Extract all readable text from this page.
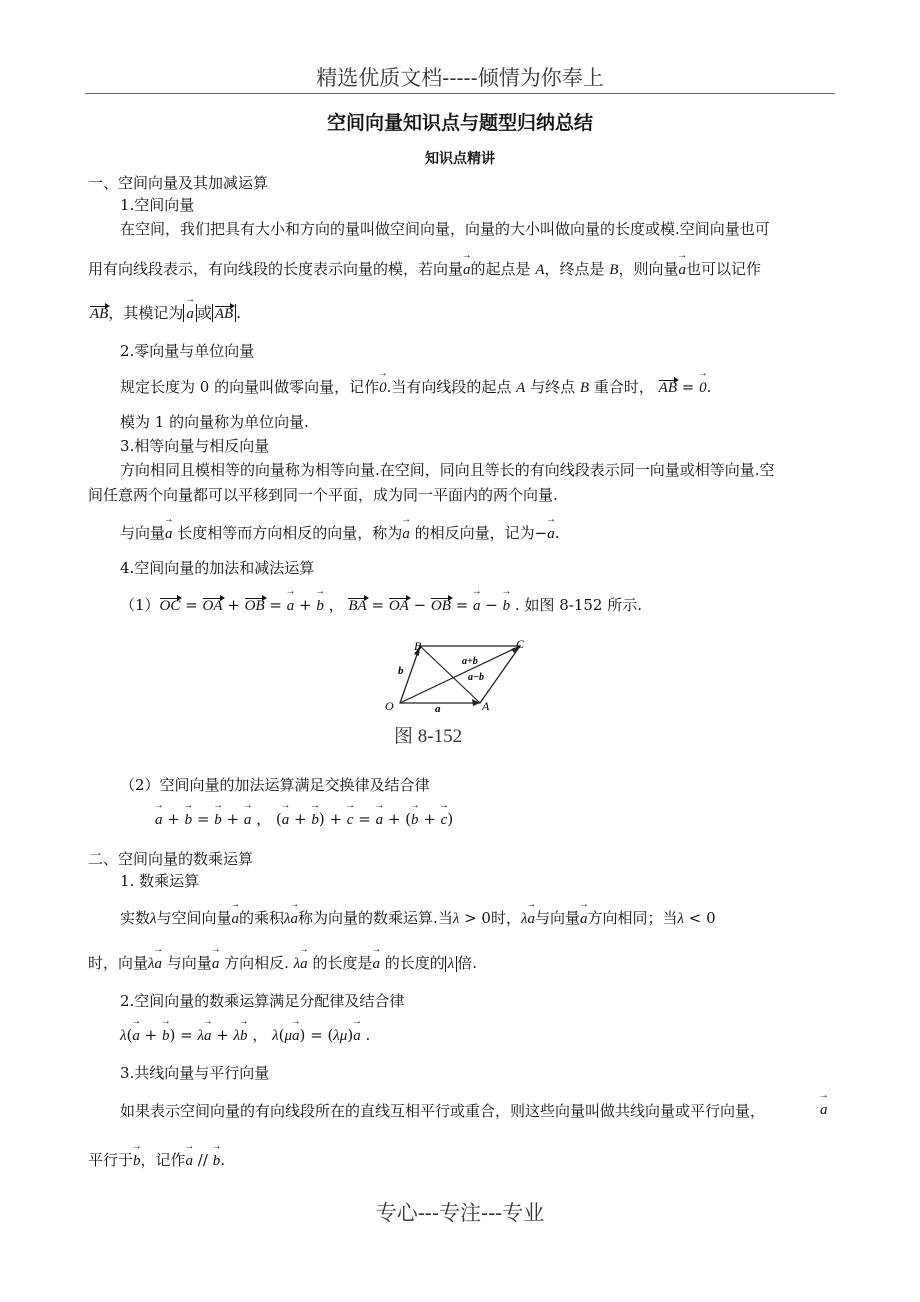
精选优质文档-----倾情为你奉上
空间向量知识点与题型归纳总结
知识点精讲
一、空间向量及其加减运算
1.空间向量
在空间，我们把具有大小和方向的量叫做空间向量，向量的大小叫做向量的长度或模.空间向量也可
用有向线段表示，有向线段的长度表示向量的模，若向量→ a的起点是 A，终点是 B，则向量→ a也可以记作
AB，其模记为 → a 或 AB .
2.零向量与单位向量
规定长度为 0 的向量叫做零向量，记作→ 0.当有向线段的起点 A 与终点 B 重合时， AB = → 0.
模为 1 的向量称为单位向量.
3.相等向量与相反向量
方向相同且模相等的向量称为相等向量.在空间，同向且等长的有向线段表示同一向量或相等向量.空
间任意两个向量都可以平移到同一个平面，成为同一平面内的两个向量.
与向量→ a 长度相等而方向相反的向量，称为→ a 的相反向量，记为−→ a.
4.空间向量的加法和减法运算
（1）OC = OA + OB = → a + → b ， BA = OA − OB = → a − → b . 如图 8-152 所示.
B	C
O	A
b
a
a+b
a−b
图 8-152
（2）空间向量的加法运算满足交换律及结合律
→ a + → b = → b + → a ， (→ a + → b) + → c = → a + (→ b + → c)
二、空间向量的数乘运算
1. 数乘运算
实数λ与空间向量→ a的乘积λ→ a称为向量的数乘运算.当λ > 0时，λ→ a与向量→ a方向相同；当λ < 0
时，向量λ→ a 与向量→ a 方向相反. λ→ a 的长度是→ a 的长度的 λ 倍.
2.空间向量的数乘运算满足分配律及结合律
λ(→ a + → b) = λ→ a + λ→ b ， λ(μ→ a) = (λμ)→ a .
3.共线向量与平行向量
如果表示空间向量的有向线段所在的直线互相平行或重合，则这些向量叫做共线向量或平行向量，	→ a
平行于→ b，记作→ a // → b.
专心---专注---专业
